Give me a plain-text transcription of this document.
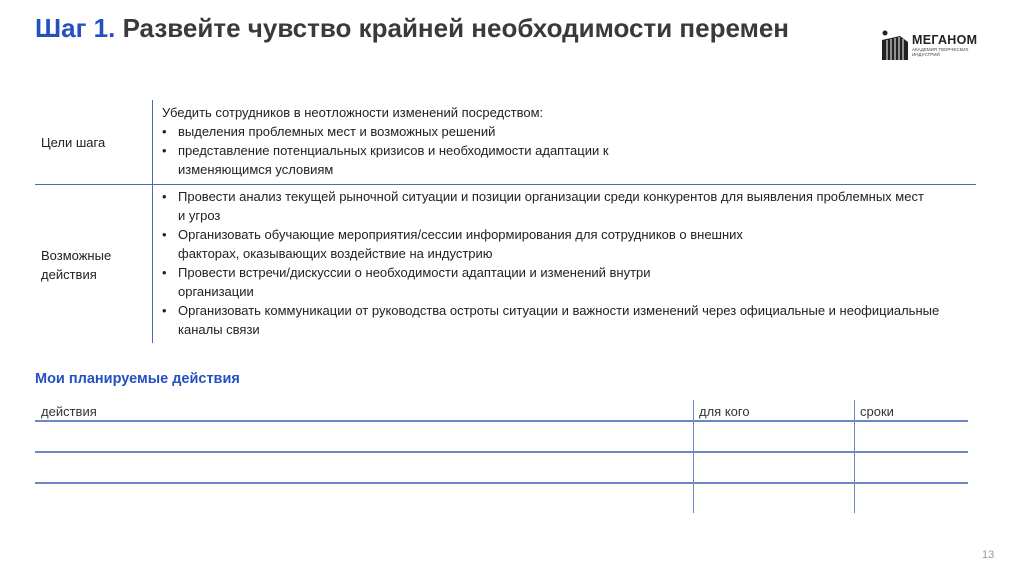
Шаг 1. Развейте чувство крайней необходимости перемен	МЕГАНОМ
АКАДЕМИЯ ТВОРЧЕСКИХ ИНДУСТРИЙ
Цели шага
Убедить сотрудников в неотложности изменений посредством:
• выделения проблемных мест и возможных решений
• представление потенциальных кризисов и необходимости адаптации к изменяющимся условиям
Возможные действия
• Провести анализ текущей рыночной ситуации и позиции организации среди конкурентов для выявления проблемных мест и угроз
• Организовать обучающие мероприятия/сессии информирования для сотрудников о внешних факторах, оказывающих воздействие на индустрию
• Провести встречи/дискуссии о необходимости адаптации и изменений внутри организации
• Организовать коммуникации от руководства остроты ситуации и важности изменений через официальные и неофициальные каналы связи
Мои планируемые действия
действия	для кого	сроки
13
